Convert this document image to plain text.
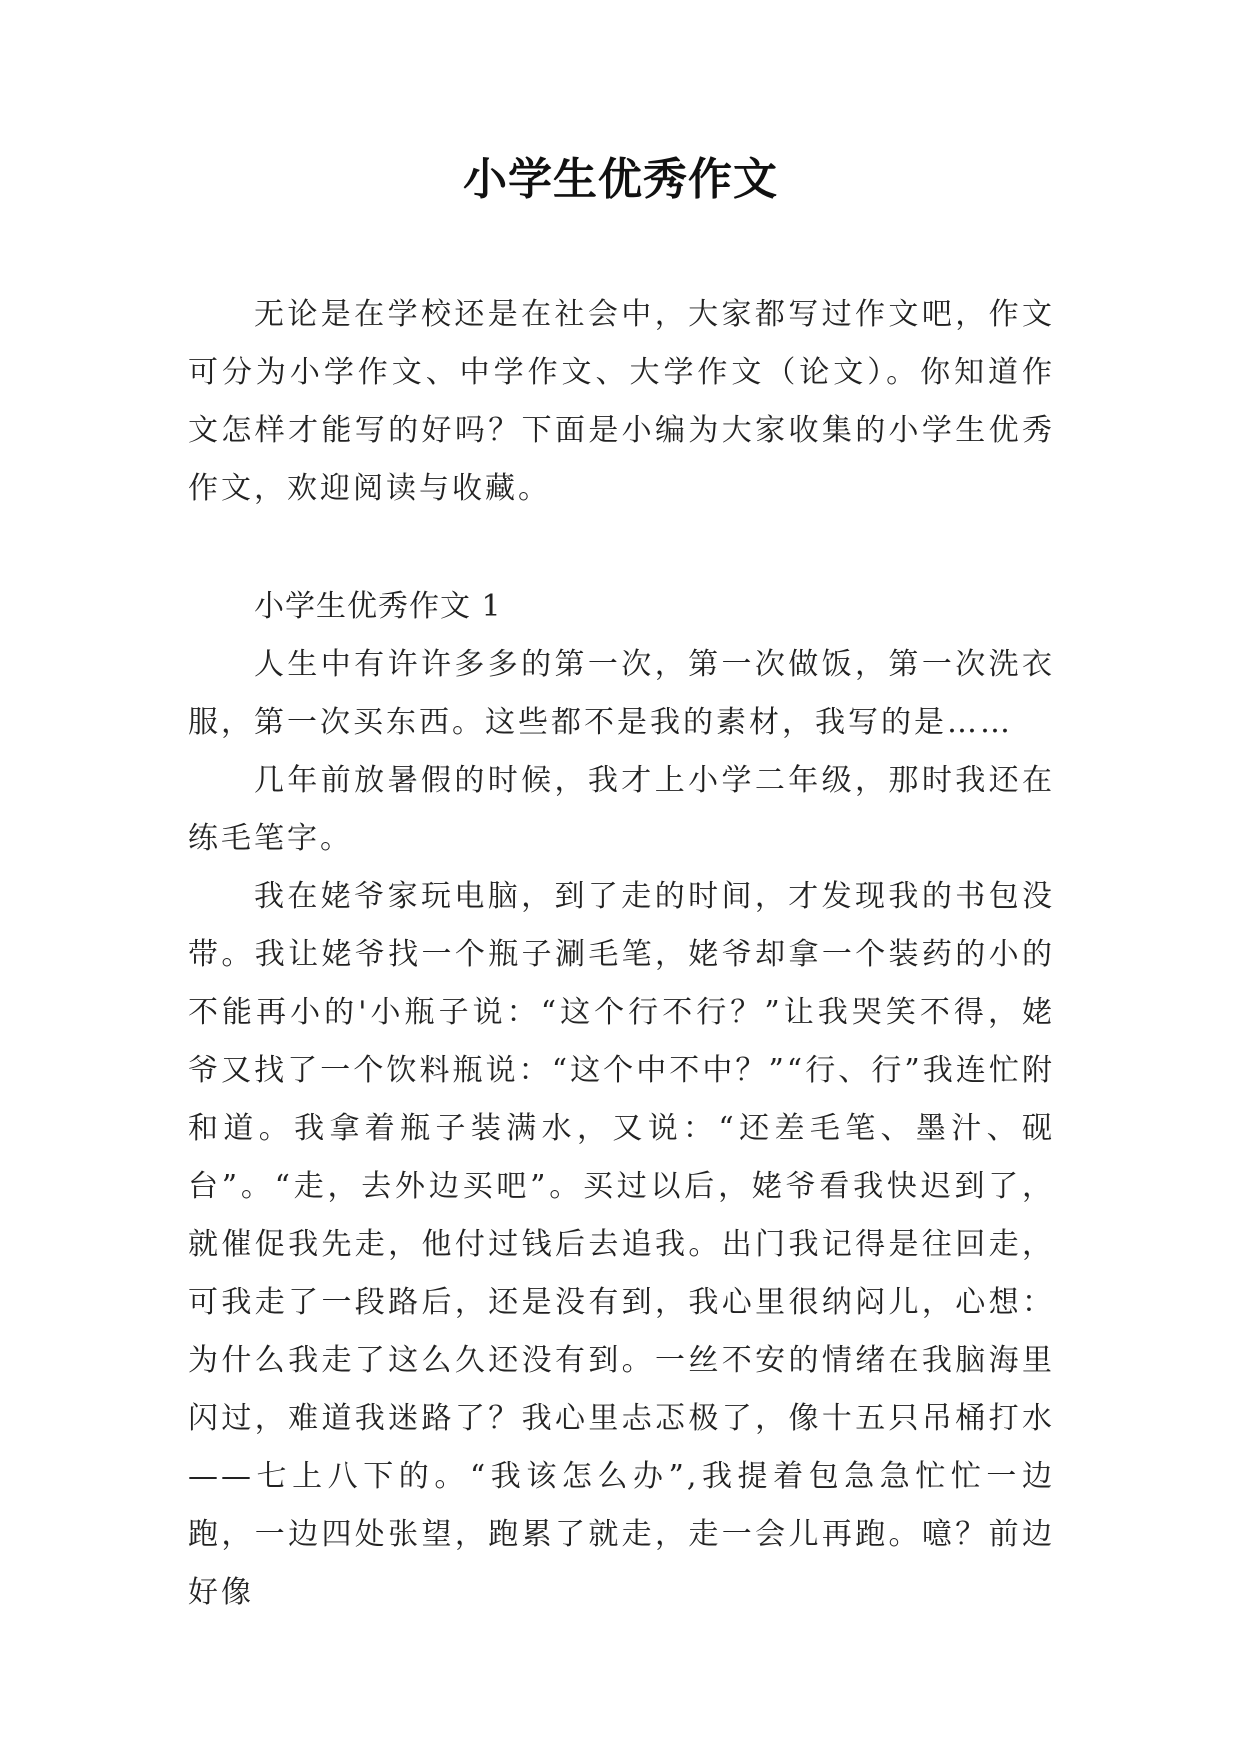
小学生优秀作文

无论是在学校还是在社会中，大家都写过作文吧，作文可分为小学作文、中学作文、大学作文（论文）。你知道作文怎样才能写的好吗？下面是小编为大家收集的小学生优秀作文，欢迎阅读与收藏。

小学生优秀作文 1

人生中有许许多多的第一次，第一次做饭，第一次洗衣服，第一次买东西。这些都不是我的素材，我写的是……

几年前放暑假的时候，我才上小学二年级，那时我还在练毛笔字。

我在姥爷家玩电脑，到了走的时间，才发现我的书包没带。我让姥爷找一个瓶子涮毛笔，姥爷却拿一个装药的小的不能再小的'小瓶子说：“这个行不行？”让我哭笑不得，姥爷又找了一个饮料瓶说：“这个中不中？”“行、行”我连忙附和道。我拿着瓶子装满水，又说：“还差毛笔、墨汁、砚台”。“走，去外边买吧”。买过以后，姥爷看我快迟到了，就催促我先走，他付过钱后去追我。出门我记得是往回走，可我走了一段路后，还是没有到，我心里很纳闷儿，心想：为什么我走了这么久还没有到。一丝不安的情绪在我脑海里闪过，难道我迷路了？我心里忐忑极了，像十五只吊桶打水——七上八下的。“我该怎么办”,我提着包急急忙忙一边跑，一边四处张望，跑累了就走，走一会儿再跑。噫？前边好像
